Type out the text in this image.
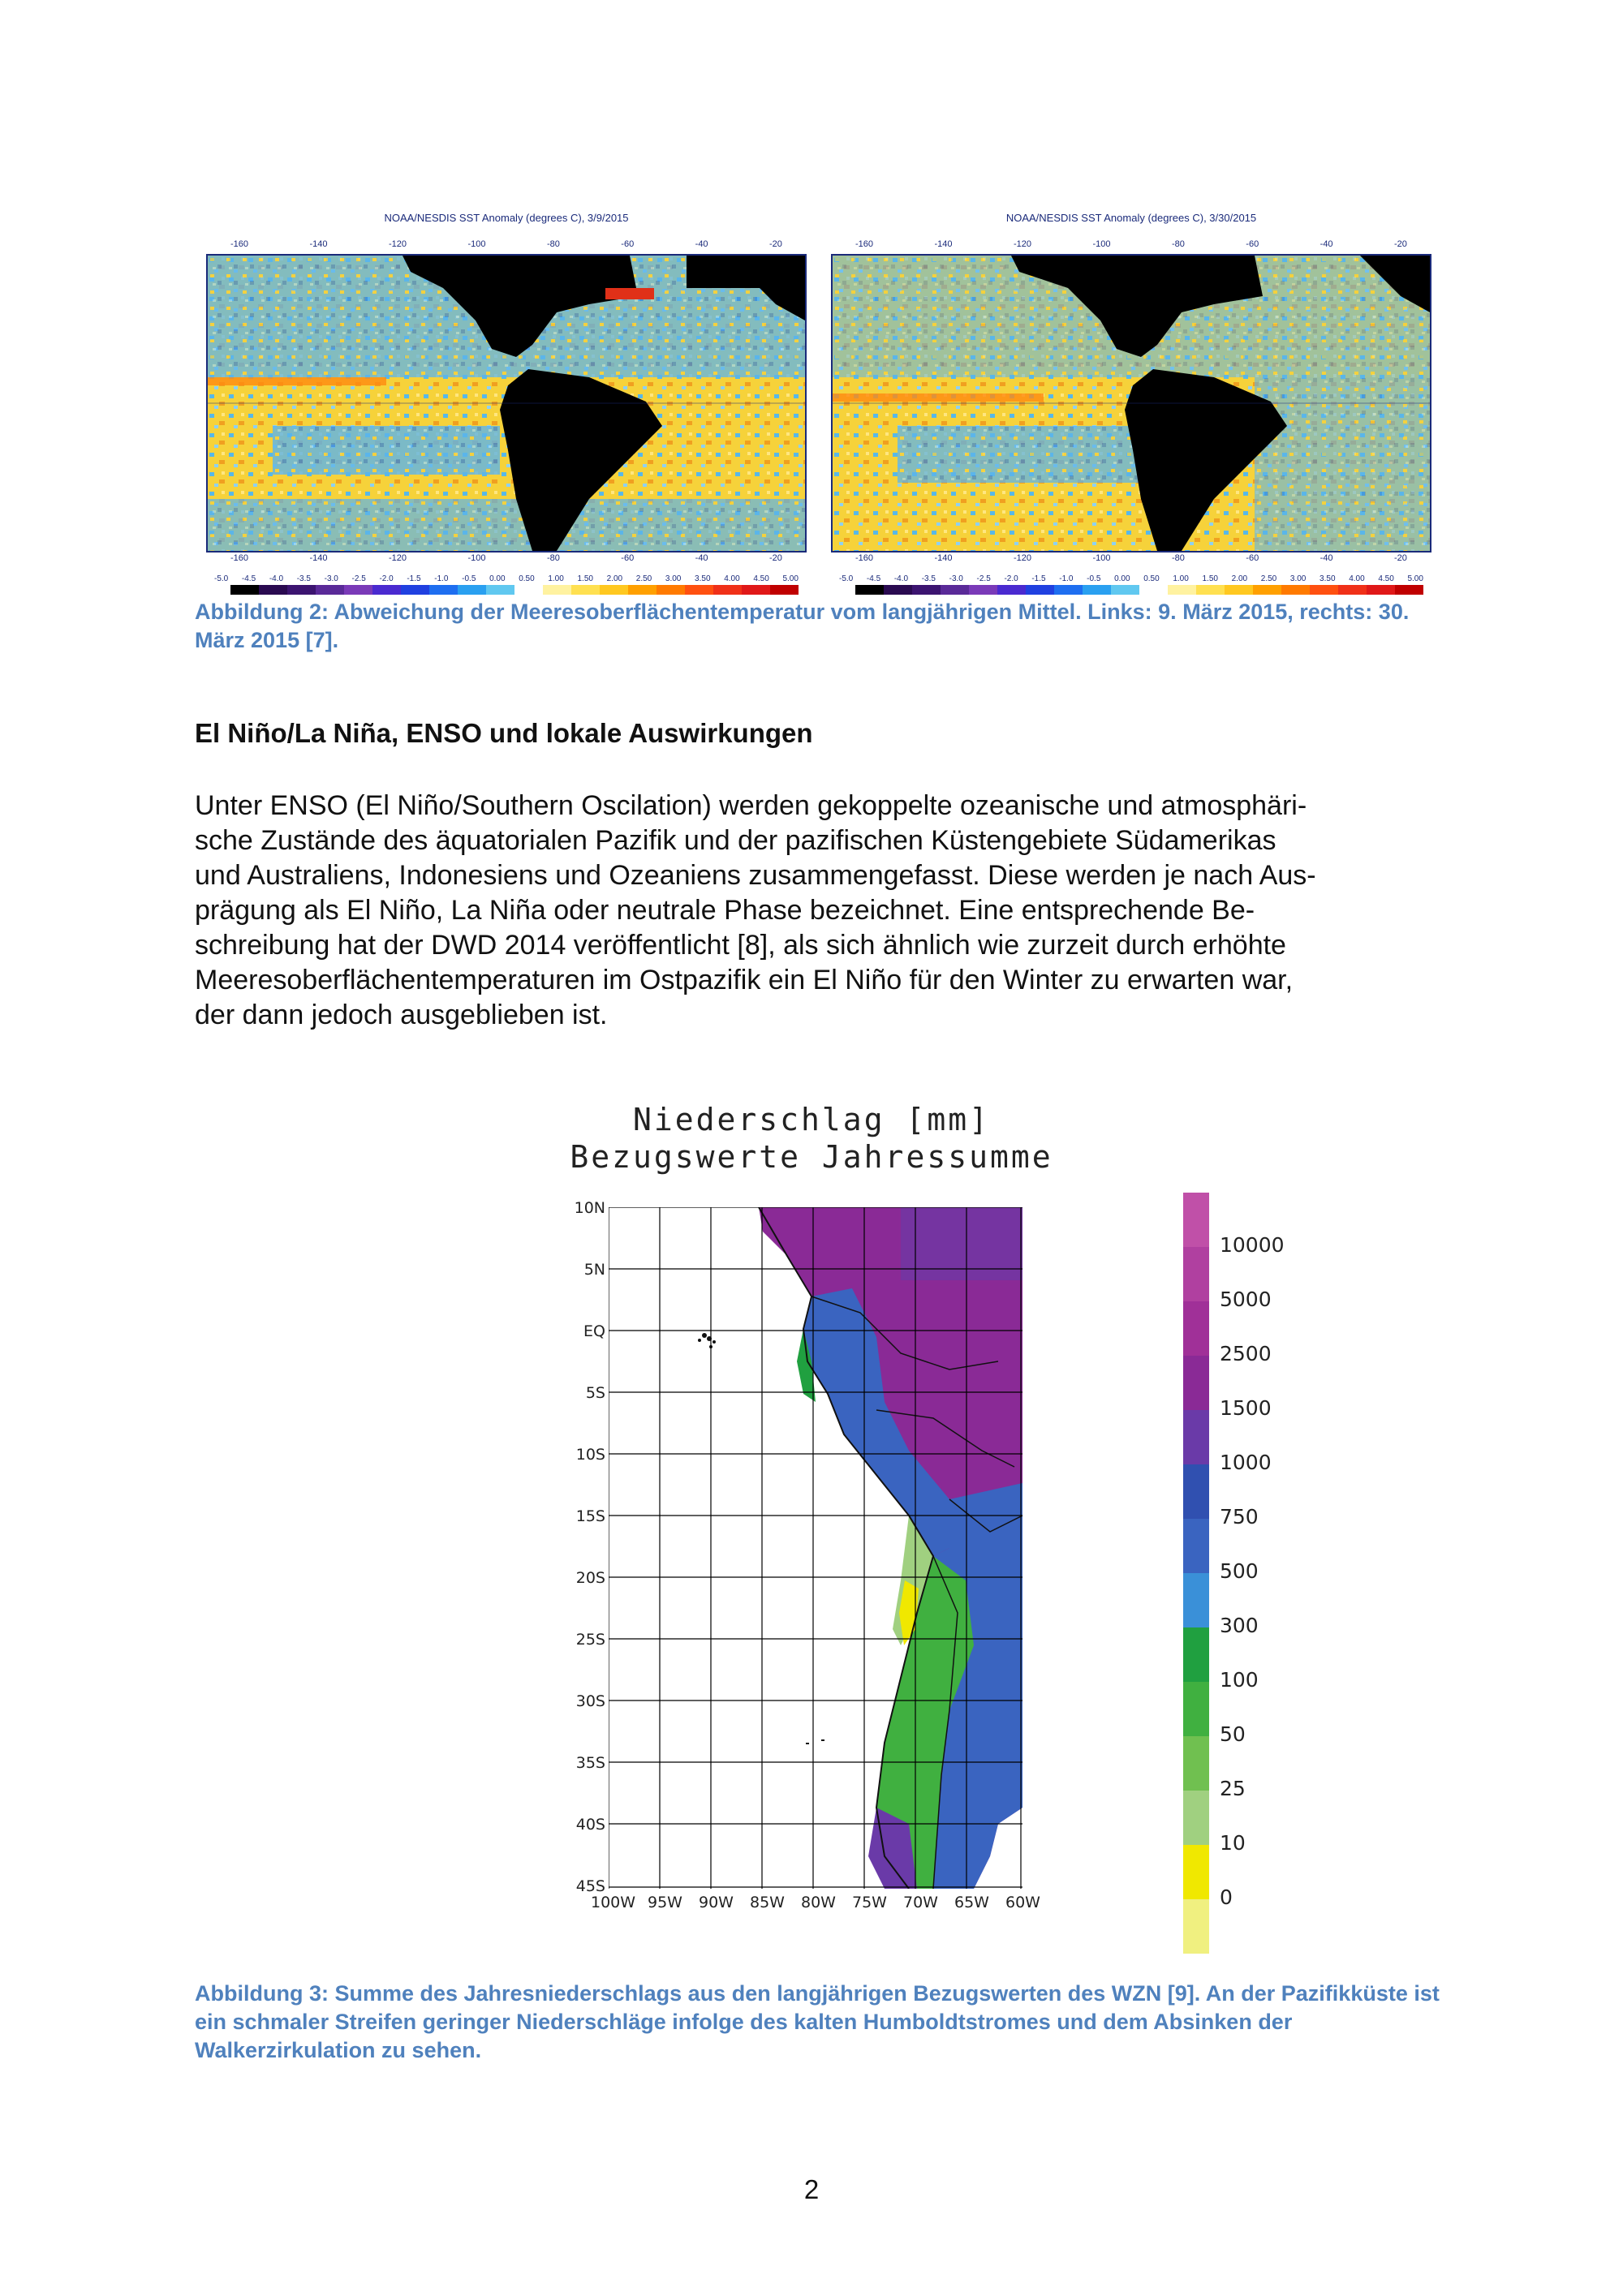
NOAA/NESDIS SST Anomaly (degrees C), 3/9/2015
-160	-140	-120	-100	-80	-60	-40	-20
-160	-140	-120	-100	-80	-60	-40	-20
-5.0 -4.5 -4.0 -3.5 -3.0 -2.5 -2.0 -1.5 -1.0 -0.5 0.00 0.50 1.00 1.50 2.00 2.50 3.00 3.50 4.00 4.50 5.00
NOAA/NESDIS SST Anomaly (degrees C), 3/30/2015
-160	-140	-120	-100	-80	-60	-40	-20
-160	-140	-120	-100	-80	-60	-40	-20
-5.0 -4.5 -4.0 -3.5 -3.0 -2.5 -2.0 -1.5 -1.0 -0.5 0.00 0.50 1.00 1.50 2.00 2.50 3.00 3.50 4.00 4.50 5.00
Abbildung 2: Abweichung der Meeresoberflächentemperatur vom langjährigen Mittel. Links: 9. März 2015, rechts: 30. März 2015 [7].
El Niño/La Niña, ENSO und lokale Auswirkungen
Unter ENSO (El Niño/Southern Oscilation) werden gekoppelte ozeanische und atmosphäri-
sche Zustände des äquatorialen Pazifik und der pazifischen Küstengebiete Südamerikas
und Australiens, Indonesiens und Ozeaniens zusammengefasst. Diese werden je nach Aus-
prägung als El Niño, La Niña oder neutrale Phase bezeichnet. Eine entsprechende Be-
schreibung hat der DWD 2014 veröffentlicht [8], als sich ähnlich wie zurzeit durch erhöhte
Meeresoberflächentemperaturen im Ostpazifik ein El Niño für den Winter zu erwarten war,
der dann jedoch ausgeblieben ist.
Niederschlag [mm]
Bezugswerte Jahressumme
10N
5N
EQ
5S
10S
15S
20S
25S
30S
35S
40S
45S
100W 95W 90W 85W 80W 75W 70W 65W 60W
10000
5000
2500
1500
1000
750
500
300
100
50
25
10
0
Abbildung 3: Summe des Jahresniederschlags aus den langjährigen Bezugswerten des WZN [9]. An der Pazifikküste ist ein schmaler Streifen geringer Niederschläge infolge des kalten Humboldtstromes und dem Absinken der Walkerzirkulation zu sehen.
2
